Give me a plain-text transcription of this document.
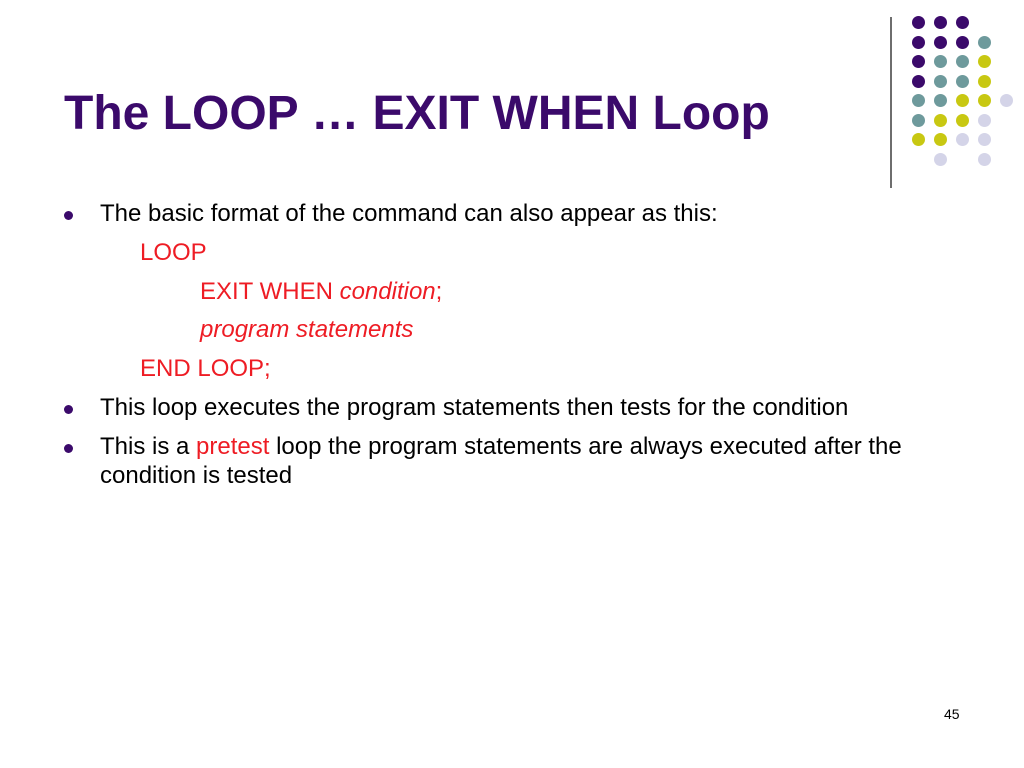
The LOOP … EXIT WHEN Loop
The basic format of the command can also appear as this:
LOOP
EXIT WHEN condition;
program statements
END LOOP;
This loop executes the program statements then tests for the condition
This is a pretest loop the program statements are always executed after the condition is tested
45
